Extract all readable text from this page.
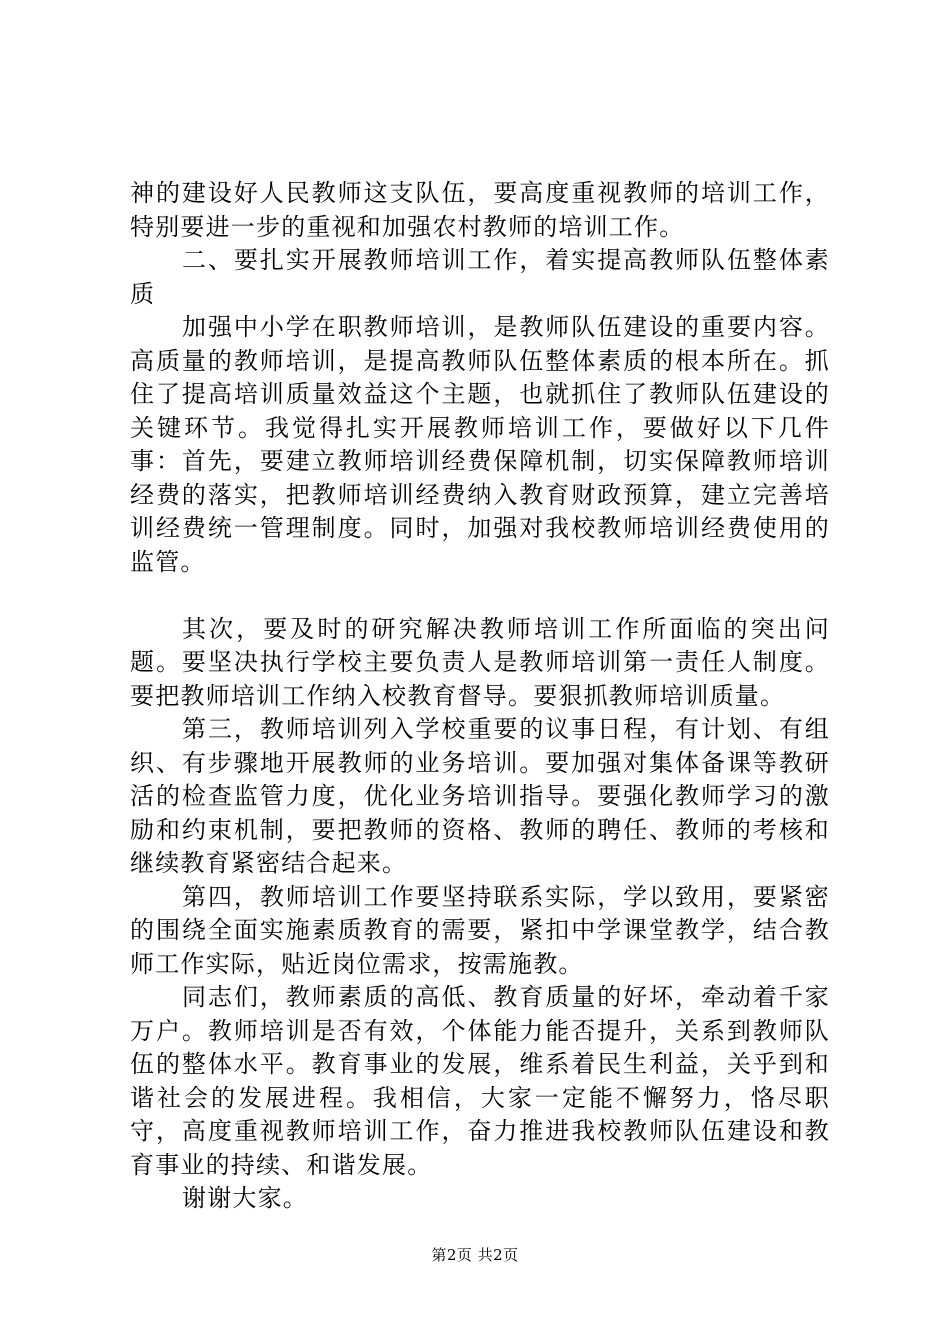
神的建设好人民教师这支队伍，要高度重视教师的培训工作，特别要进一步的重视和加强农村教师的培训工作。

二、要扎实开展教师培训工作，着实提高教师队伍整体素质

加强中小学在职教师培训，是教师队伍建设的重要内容。高质量的教师培训，是提高教师队伍整体素质的根本所在。抓住了提高培训质量效益这个主题，也就抓住了教师队伍建设的关键环节。我觉得扎实开展教师培训工作，要做好以下几件事：首先，要建立教师培训经费保障机制，切实保障教师培训经费的落实，把教师培训经费纳入教育财政预算，建立完善培训经费统一管理制度。同时，加强对我校教师培训经费使用的监管。

其次，要及时的研究解决教师培训工作所面临的突出问题。要坚决执行学校主要负责人是教师培训第一责任人制度。要把教师培训工作纳入校教育督导。要狠抓教师培训质量。

第三，教师培训列入学校重要的议事日程，有计划、有组织、有步骤地开展教师的业务培训。要加强对集体备课等教研活的检查监管力度，优化业务培训指导。要强化教师学习的激励和约束机制，要把教师的资格、教师的聘任、教师的考核和继续教育紧密结合起来。

第四，教师培训工作要坚持联系实际，学以致用，要紧密的围绕全面实施素质教育的需要，紧扣中学课堂教学，结合教师工作实际，贴近岗位需求，按需施教。

同志们，教师素质的高低、教育质量的好坏，牵动着千家万户。教师培训是否有效，个体能力能否提升，关系到教师队伍的整体水平。教育事业的发展，维系着民生利益，关乎到和谐社会的发展进程。我相信，大家一定能不懈努力，恪尽职守，高度重视教师培训工作，奋力推进我校教师队伍建设和教育事业的持续、和谐发展。

谢谢大家。

第2页 共2页
